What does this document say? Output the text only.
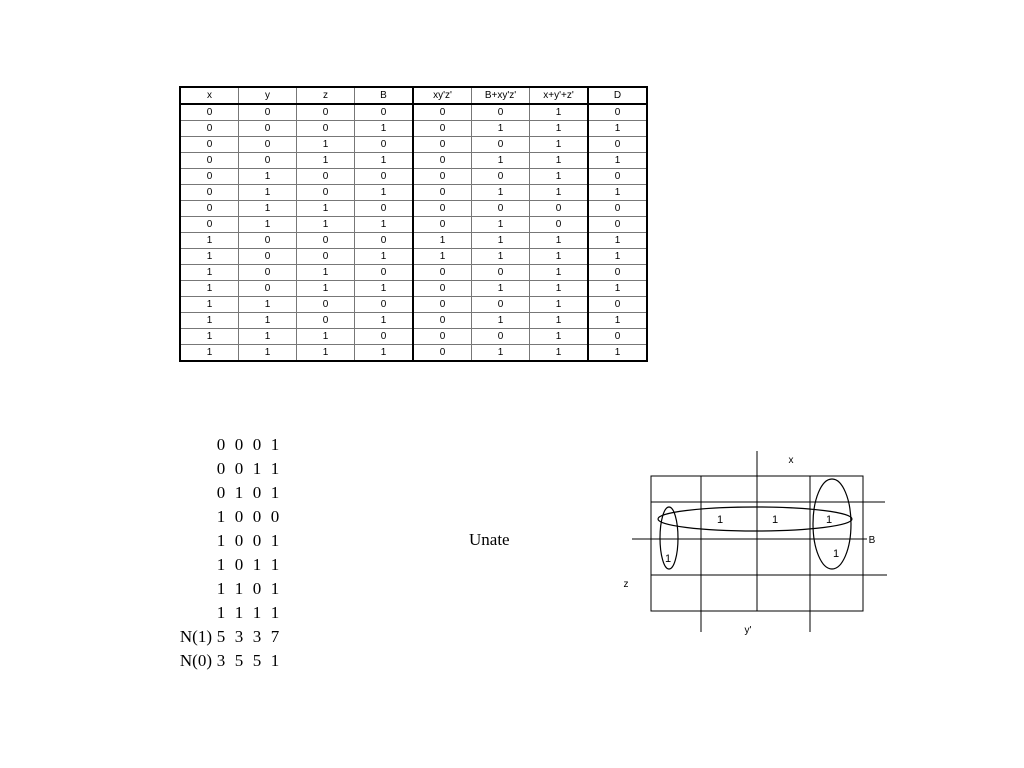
x	y	z	B	xy'z'	B+xy'z'	x+y'+z'	D
0	0	0	0	0	0	1	0
0	0	0	1	0	1	1	1
0	0	1	0	0	0	1	0
0	0	1	1	0	1	1	1
0	1	0	0	0	0	1	0
0	1	0	1	0	1	1	1
0	1	1	0	0	0	0	0
0	1	1	1	0	1	0	0
1	0	0	0	1	1	1	1
1	0	0	1	1	1	1	1
1	0	1	0	0	0	1	0
1	0	1	1	0	1	1	1
1	1	0	0	0	0	1	0
1	1	0	1	0	1	1	1
1	1	1	0	0	0	1	0
1	1	1	1	0	1	1	1
0 0 0 1
0 0 1 1
0 1 0 1
1 0 0 0
1 0 0 1
1 0 1 1
1 1 0 1
1 1 1 1
N(1) 5 3 3 7
N(0) 3 5 5 1
Unate
1	1	1
1	1
x
B
z
y'
